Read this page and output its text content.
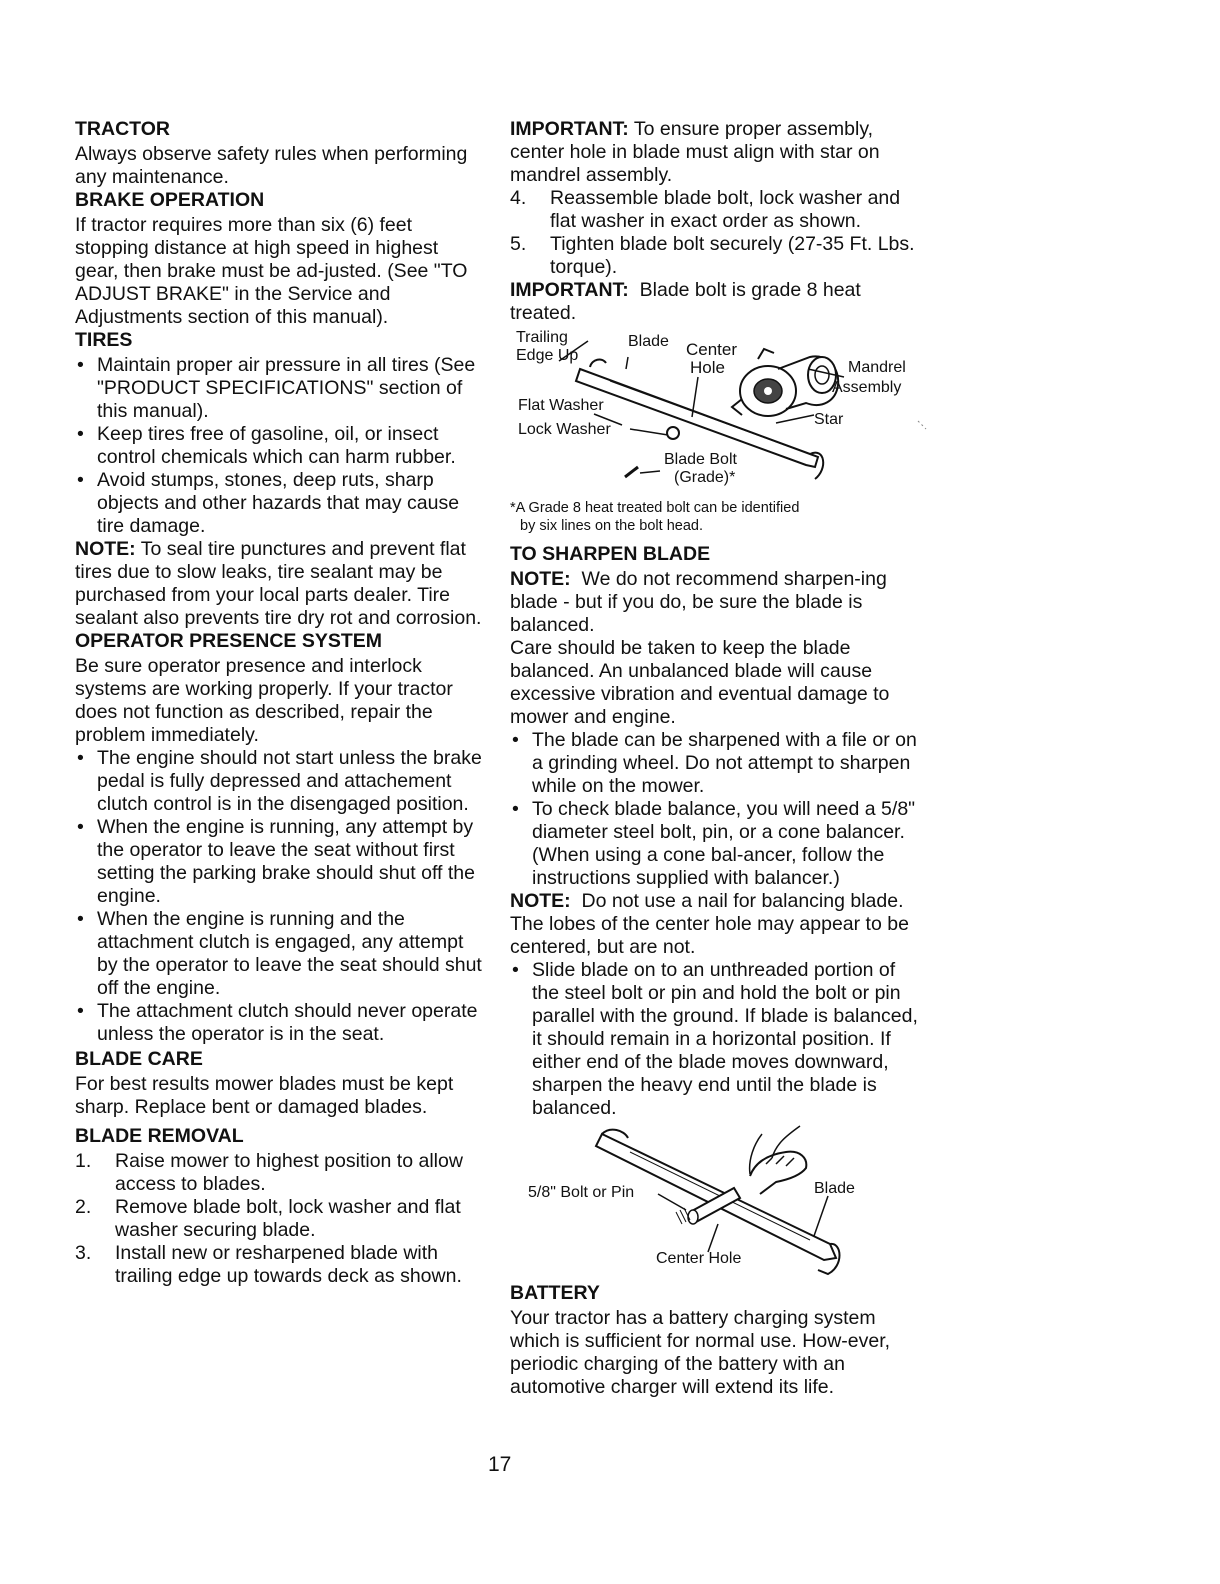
TRACTOR

Always observe safety rules when performing any maintenance.

BRAKE OPERATION

If tractor requires more than six (6) feet stopping distance at high speed in highest gear, then brake must be ad-justed. (See "TO ADJUST BRAKE" in the Service and Adjustments section of this manual).

TIRES
• Maintain proper air pressure in all tires (See "PRODUCT SPECIFICATIONS" section of this manual).
• Keep tires free of gasoline, oil, or insect control chemicals which can harm rubber.
• Avoid stumps, stones, deep ruts, sharp objects and other hazards that may cause tire damage.

NOTE: To seal tire punctures and prevent flat tires due to slow leaks, tire sealant may be purchased from your local parts dealer. Tire sealant also prevents tire dry rot and corrosion.

OPERATOR PRESENCE SYSTEM

Be sure operator presence and interlock systems are working properly. If your tractor does not function as described, repair the problem immediately.

• The engine should not start unless the brake pedal is fully depressed and attachement clutch control is in the disengaged position.
• When the engine is running, any attempt by the operator to leave the seat without first setting the parking brake should shut off the engine.
• When the engine is running and the attachment clutch is engaged, any attempt by the operator to leave the seat should shut off the engine.
• The attachment clutch should never operate unless the operator is in the seat.
BLADE CARE

For best results mower blades must be kept sharp. Replace bent or damaged blades.

BLADE REMOVAL
1. Raise mower to highest position to allow access to blades.
2. Remove blade bolt, lock washer and flat washer securing blade.
3. Install new or resharpened blade with trailing edge up towards deck as shown.

IMPORTANT: To ensure proper assembly, center hole in blade must align with star on mandrel assembly.

4. Reassemble blade bolt, lock washer and flat washer in exact order as shown.
5. Tighten blade bolt securely (27-35 Ft. Lbs. torque).

IMPORTANT: Blade bolt is grade 8 heat treated.

Trailing
Edge Up
Blade Center
Hole	Mandrel
Assembly
Flat Washer
Star
Lock Washer
Blade Bolt
(Grade)*
*A Grade 8 heat treated bolt can be identified
by six lines on the bolt head.
TO SHARPEN BLADE

NOTE: We do not recommend sharpen-ing blade - but if you do, be sure the blade is balanced.

Care should be taken to keep the blade balanced. An unbalanced blade will cause excessive vibration and eventual damage to mower and engine.

• The blade can be sharpened with a file or on a grinding wheel. Do not attempt to sharpen while on the mower.
• To check blade balance, you will need a 5/8" diameter steel bolt, pin, or a cone balancer. (When using a cone bal-ancer, follow the instructions supplied with balancer.)

NOTE: Do not use a nail for balancing blade. The lobes of the center hole may appear to be centered, but are not.

• Slide blade on to an unthreaded portion of the steel bolt or pin and hold the bolt or pin parallel with the ground. If blade is balanced, it should remain in a horizontal position. If either end of the blade moves downward, sharpen the heavy end until the blade is balanced.
5/8" Bolt or Pin	Blade
Center Hole
BATTERY

Your tractor has a battery charging system which is sufficient for normal use. How-ever, periodic charging of the battery with an automotive charger will extend its life.

17
